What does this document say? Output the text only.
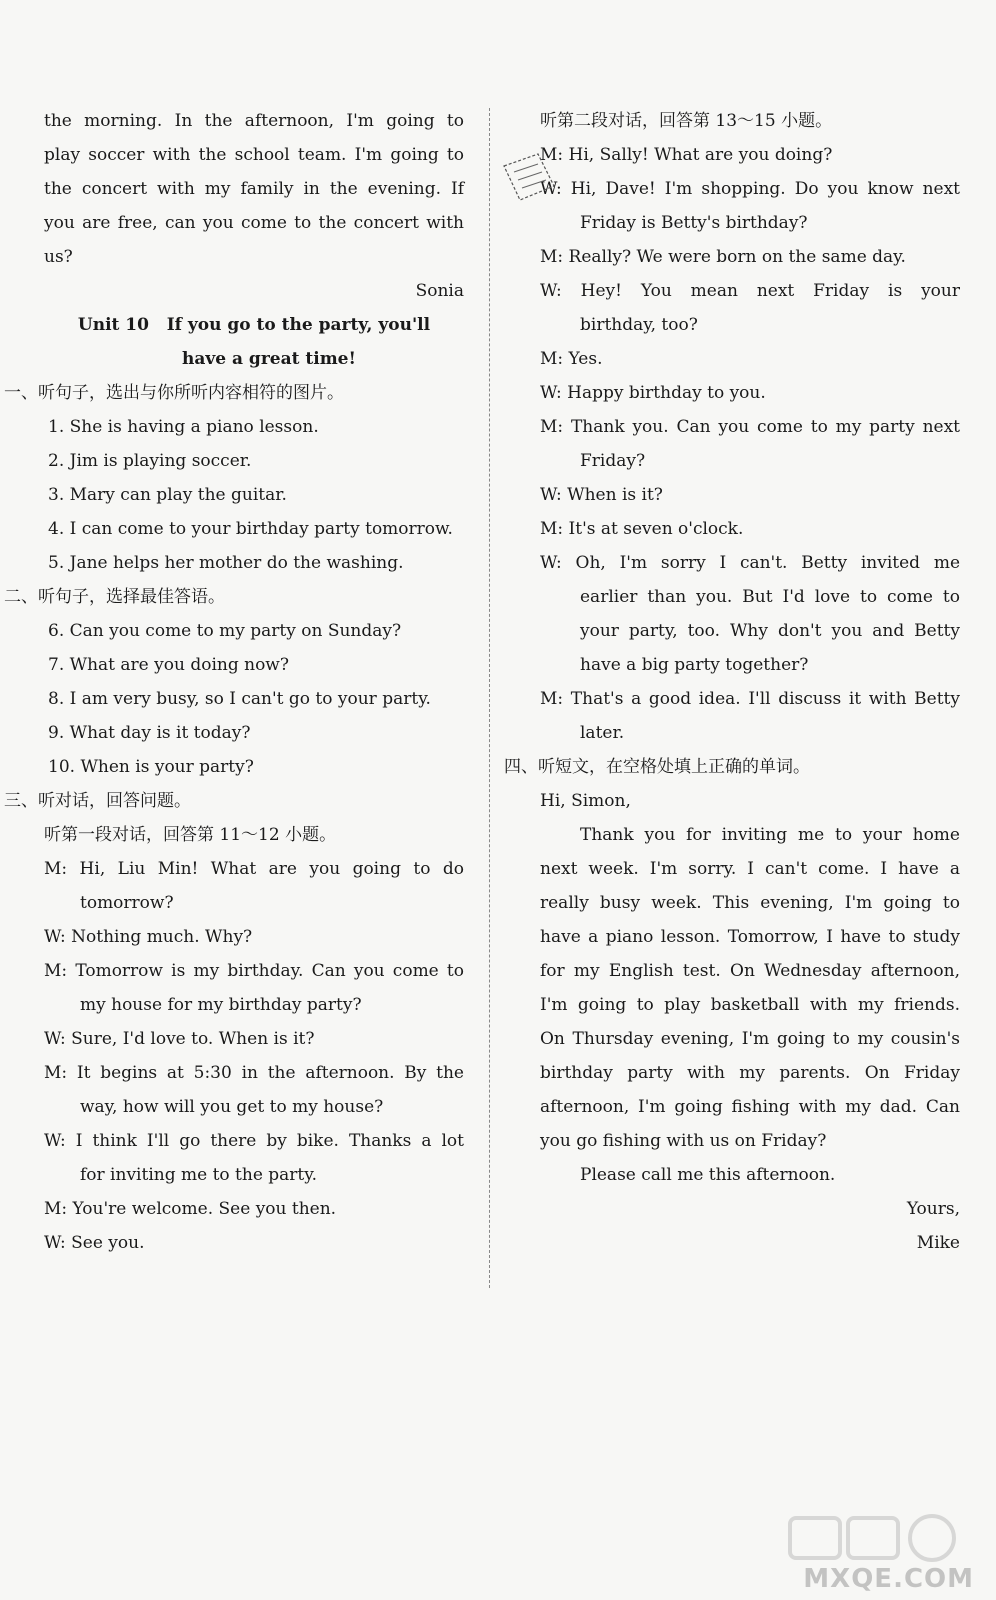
the morning. In the afternoon, I'm going to
play soccer with the school team. I'm going to
the concert with my family in the evening. If
you are free, can you come to the concert with
us?
Sonia
Unit 10   If you go to the party, you'll
have a great time!
一、听句子，选出与你所听内容相符的图片。
1. She is having a piano lesson.
2. Jim is playing soccer.
3. Mary can play the guitar.
4. I can come to your birthday party tomorrow.
5. Jane helps her mother do the washing.
二、听句子，选择最佳答语。
6. Can you come to my party on Sunday?
7. What are you doing now?
8. I am very busy, so I can't go to your party.
9. What day is it today?
10. When is your party?
三、听对话，回答问题。
听第一段对话，回答第 11～12 小题。
M: Hi, Liu Min! What are you going to do
tomorrow?
W: Nothing much. Why?
M: Tomorrow is my birthday. Can you come to
my house for my birthday party?
W: Sure, I'd love to. When is it?
M: It begins at 5:30 in the afternoon. By the
way, how will you get to my house?
W: I think I'll go there by bike. Thanks a lot
for inviting me to the party.
M: You're welcome. See you then.
W: See you.
听第二段对话，回答第 13～15 小题。
M: Hi, Sally! What are you doing?
W: Hi, Dave! I'm shopping. Do you know next
Friday is Betty's birthday?
M: Really? We were born on the same day.
W: Hey! You mean next Friday is your
birthday, too?
M: Yes.
W: Happy birthday to you.
M: Thank you. Can you come to my party next
Friday?
W: When is it?
M: It's at seven o'clock.
W: Oh, I'm sorry I can't. Betty invited me
earlier than you. But I'd love to come to
your party, too. Why don't you and Betty
have a big party together?
M: That's a good idea. I'll discuss it with Betty
later.
四、听短文，在空格处填上正确的单词。
Hi, Simon,
Thank you for inviting me to your home
next week. I'm sorry. I can't come. I have a
really busy week. This evening, I'm going to
have a piano lesson. Tomorrow, I have to study
for my English test. On Wednesday afternoon,
I'm going to play basketball with my friends.
On Thursday evening, I'm going to my cousin's
birthday party with my parents. On Friday
afternoon, I'm going fishing with my dad. Can
you go fishing with us on Friday?
Please call me this afternoon.
Yours,
Mike
MXQE.COM
